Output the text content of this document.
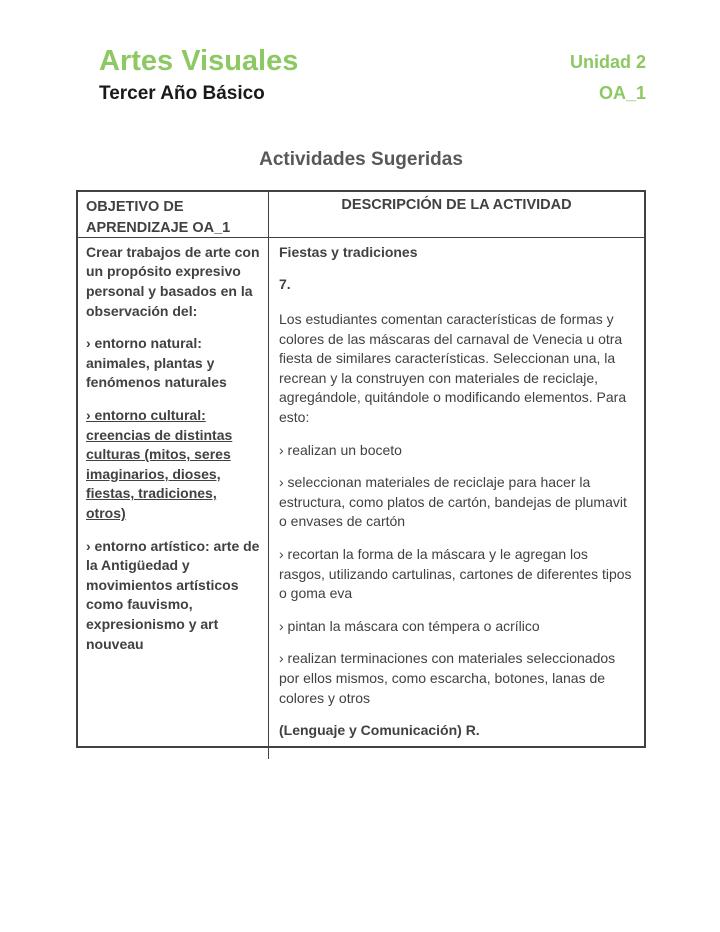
Artes Visuales
Tercer Año Básico
Unidad 2
OA_1
Actividades Sugeridas
OBJETIVO DE APRENDIZAJE OA_1
DESCRIPCIÓN DE LA ACTIVIDAD

Crear trabajos de arte con un propósito expresivo personal y basados en la observación del:

› entorno natural: animales, plantas y fenómenos naturales

› entorno cultural: creencias de distintas culturas (mitos, seres imaginarios, dioses, fiestas, tradiciones, otros)

› entorno artístico: arte de la Antigüedad y movimientos artísticos como fauvismo, expresionismo y art nouveau

Fiestas y tradiciones

7.

Los estudiantes comentan características de formas y colores de las máscaras del carnaval de Venecia u otra fiesta de similares características. Seleccionan una, la recrean y la construyen con materiales de reciclaje, agregándole, quitándole o modificando elementos. Para esto:

› realizan un boceto

› seleccionan materiales de reciclaje para hacer la estructura, como platos de cartón, bandejas de plumavit o envases de cartón

› recortan la forma de la máscara y le agregan los rasgos, utilizando cartulinas, cartones de diferentes tipos o goma eva

› pintan la máscara con témpera o acrílico

› realizan terminaciones con materiales seleccionados por ellos mismos, como escarcha, botones, lanas de colores y otros

(Lenguaje y Comunicación) R.
